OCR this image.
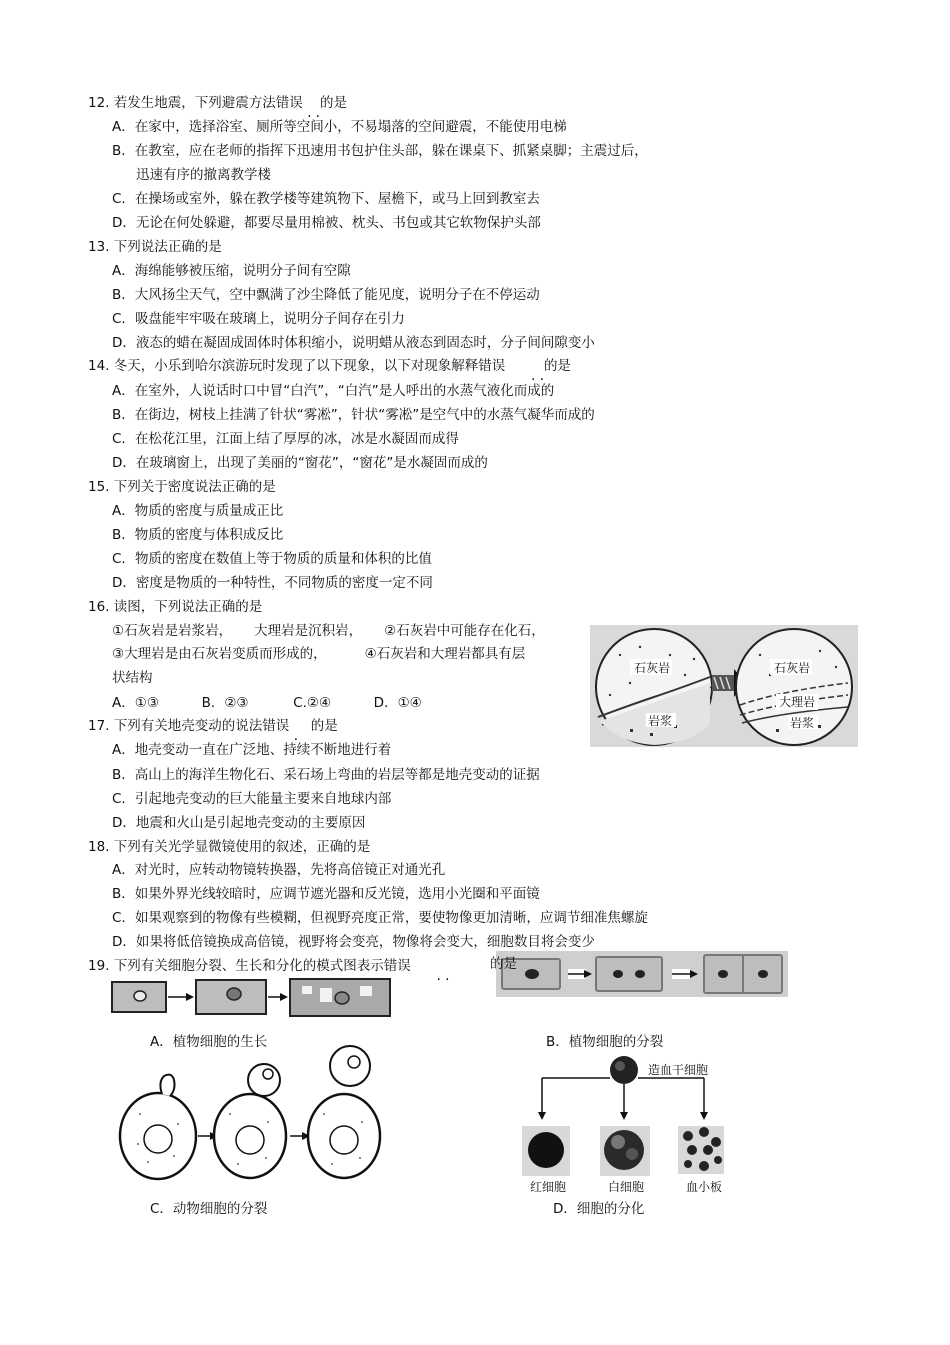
12. 若发生地震，下列避震方法错误 . . 的是
A．在家中，选择浴室、厕所等空间小，不易塌落的空间避震，不能使用电梯
B．在教室，应在老师的指挥下迅速用书包护住头部，躲在课桌下、抓紧桌脚；主震过后，
迅速有序的撤离教学楼
C．在操场或室外，躲在教学楼等建筑物下、屋檐下，或马上回到教室去
D．无论在何处躲避，都要尽量用棉被、枕头、书包或其它软物保护头部
13. 下列说法正确的是
A．海绵能够被压缩，说明分子间有空隙
B．大风扬尘天气，空中飘满了沙尘降低了能见度，说明分子在不停运动
C．吸盘能牢牢吸在玻璃上，说明分子间存在引力
D．液态的蜡在凝固成固体时体积缩小，说明蜡从液态到固态时，分子间间隙变小
14. 冬天，小乐到哈尔滨游玩时发现了以下现象，以下对现象解释错误 . .	的是
A．在室外，人说话时口中冒“白汽”，“白汽”是人呼出的水蒸气液化而成的
B．在街边，树枝上挂满了针状“雾凇”，针状“雾凇”是空气中的水蒸气凝华而成的
C．在松花江里，江面上结了厚厚的冰，冰是水凝固而成得
D．在玻璃窗上，出现了美丽的“窗花”，“窗花”是水凝固而成的
15. 下列关于密度说法正确的是
A．物质的密度与质量成正比
B．物质的密度与体积成反比
C．物质的密度在数值上等于物质的质量和体积的比值
D．密度是物质的一种特性，不同物质的密度一定不同
16. 读图，下列说法正确的是
①石灰岩是岩浆岩， 大理岩是沉积岩， ②石灰岩中可能存在化石，
③大理岩是由石灰岩变质而形成的，	④石灰岩和大理岩都具有层
状结构
A．①③	B．②③	C.②④	D．①④
石灰岩
岩浆
石灰岩
大理岩
岩浆
17. 下列有关地壳变动的说法错误 . 的是
A．地壳变动一直在广泛地、持续不断地进行着
B．高山上的海洋生物化石、采石场上弯曲的岩层等都是地壳变动的证据
C．引起地壳变动的巨大能量主要来自地球内部
D．地震和火山是引起地壳变动的主要原因
18. 下列有关光学显微镜使用的叙述，正确的是
A．对光时，应转动物镜转换器，先将高倍镜正对通光孔
B．如果外界光线较暗时，应调节遮光器和反光镜，选用小光圈和平面镜
C．如果观察到的物像有些模糊，但视野亮度正常，要使物像更加清晰，应调节细准焦螺旋
D．如果将低倍镜换成高倍镜，视野将会变亮，物像将会变大，细胞数目将会变少
19. 下列有关细胞分裂、生长和分化的模式图表示错误        .   .
A．植物细胞的生长	B．植物细胞的分裂
造血干细胞
红细胞	白细胞	血小板
C．动物细胞的分裂	D．细胞的分化
的是
